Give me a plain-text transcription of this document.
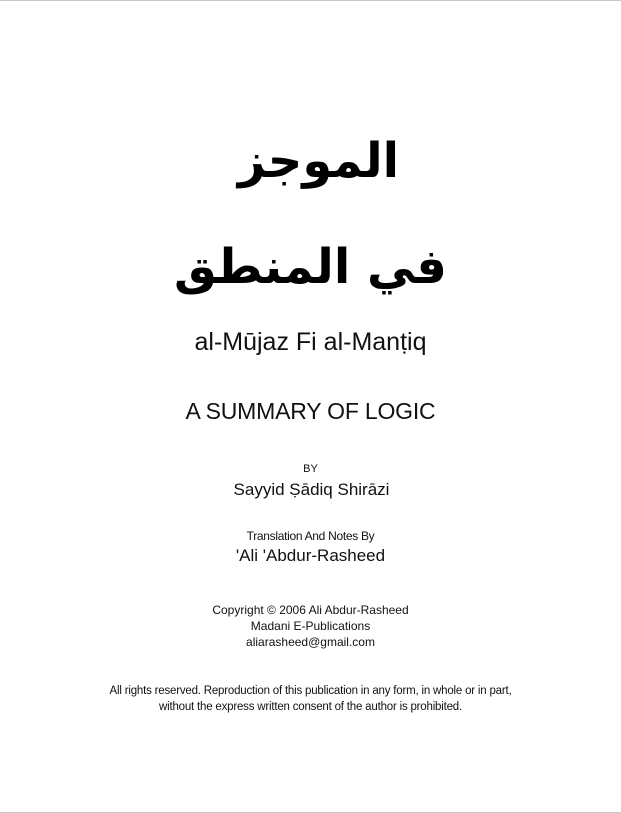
الموجز
في المنطق
al-Mūjaz Fi al-Manṭiq
A SUMMARY OF LOGIC
BY
Sayyid Ṣādiq Shirāzi
Translation And Notes By
'Ali 'Abdur-Rasheed
Copyright © 2006 Ali Abdur-Rasheed
Madani E-Publications
aliarasheed@gmail.com
All rights reserved. Reproduction of this publication in any form, in whole or in part,
without the express written consent of the author is prohibited.
